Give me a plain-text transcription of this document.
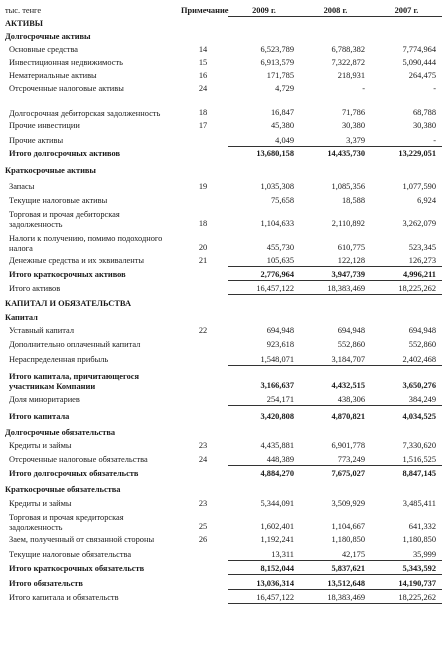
тыс. тенге	Примечание	2009 г.	2008 г.	2007 г.
АКТИВЫ				
Долгосрочные активы				
Основные средства	14	6,523,789	6,788,382	7,774,964
Инвестиционная недвижимость	15	6,913,579	7,322,872	5,090,444
Нематериальные активы	16	171,785	218,931	264,475
Отсроченные налоговые активы	24	4,729	-	-
Долгосрочная дебиторская задолженность	18	16,847	71,786	68,788
Прочие инвестиции	17	45,380	30,380	30,380
Прочие активы		4,049	3,379	-
Итого долгосрочных активов		13,680,158	14,435,730	13,229,051
Краткосрочные активы				
Запасы	19	1,035,308	1,085,356	1,077,590
Текущие налоговые активы		75,658	18,588	6,924
Торговая и прочая дебиторская задолженность	18	1,104,633	2,110,892	3,262,079
Налоги к получению, помимо подоходного налога	20	455,730	610,775	523,345
Денежные средства и их эквиваленты	21	105,635	122,128	126,273
Итого краткосрочных активов		2,776,964	3,947,739	4,996,211
Итого активов		16,457,122	18,383,469	18,225,262
КАПИТАЛ И ОБЯЗАТЕЛЬСТВА				
Капитал				
Уставный капитал	22	694,948	694,948	694,948
Дополнительно оплаченный капитал		923,618	552,860	552,860
Нераспределенная прибыль		1,548,071	3,184,707	2,402,468
Итого капитала, причитающегося участникам Компании		3,166,637	4,432,515	3,650,276
Доля миноритариев		254,171	438,306	384,249
Итого капитала		3,420,808	4,870,821	4,034,525
Долгосрочные обязательства				
Кредиты и займы	23	4,435,881	6,901,778	7,330,620
Отсроченные налоговые обязательства	24	448,389	773,249	1,516,525
Итого долгосрочных обязательств		4,884,270	7,675,027	8,847,145
Краткосрочные обязательства				
Кредиты и займы	23	5,344,091	3,509,929	3,485,411
Торговая и прочая кредиторская задолженность	25	1,602,401	1,104,667	641,332
Заем, полученный от связанной стороны	26	1,192,241	1,180,850	1,180,850
Текущие налоговые обязательства		13,311	42,175	35,999
Итого краткосрочных обязательств		8,152,044	5,837,621	5,343,592
Итого обязательств		13,036,314	13,512,648	14,190,737
Итого капитала и обязательств		16,457,122	18,383,469	18,225,262
